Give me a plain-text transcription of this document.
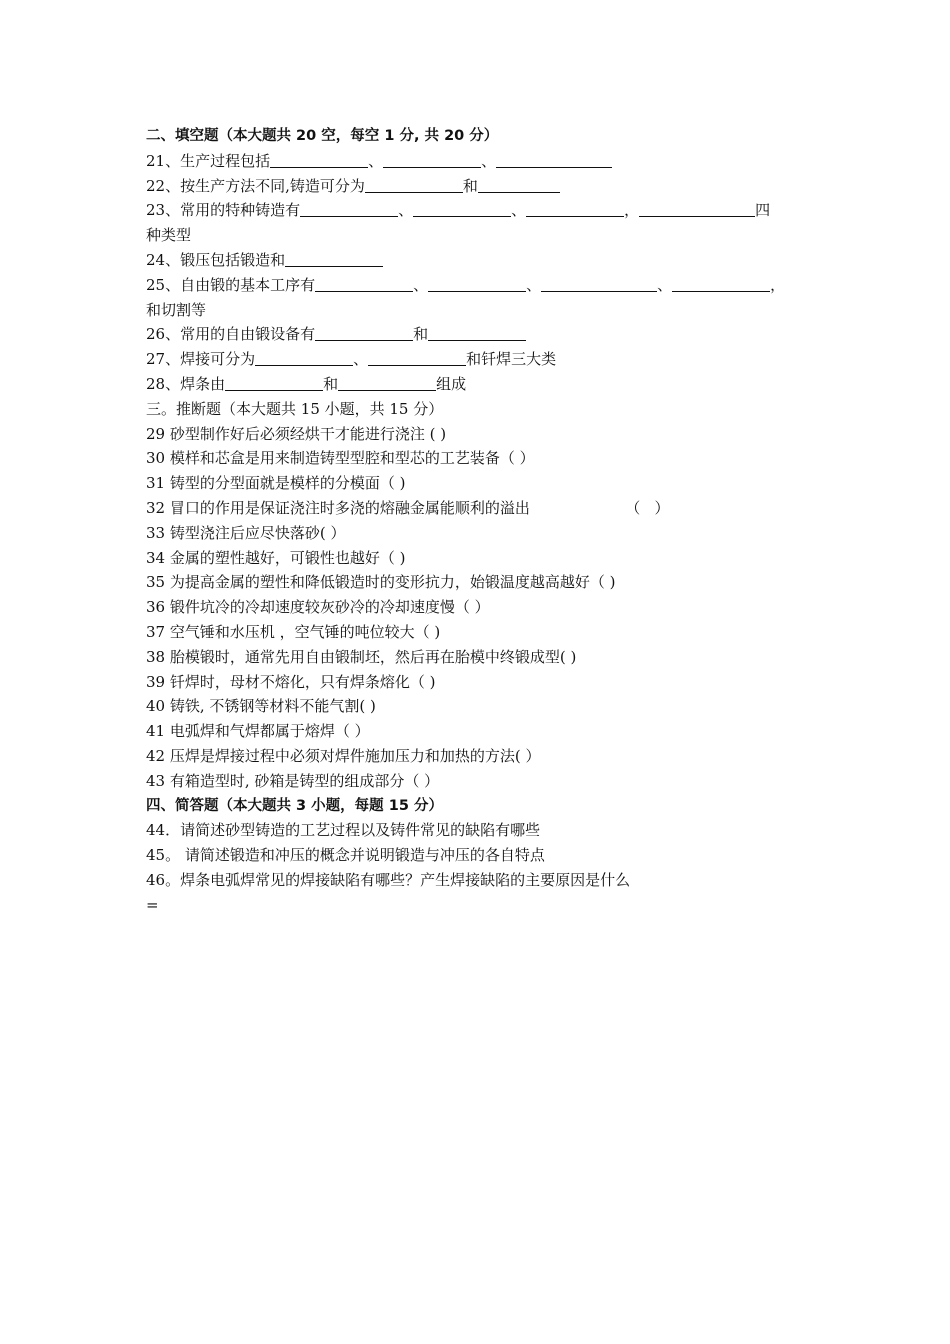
二、填空题（本大题共 20 空，每空 1 分, 共 20 分）
21、生产过程包括	、	、
22、按生产方法不同,铸造可分为	和
23、常用的特种铸造有	、	、	，	四
种类型
24、锻压包括锻造和
25、自由锻的基本工序有	、	、	、	，
和切割等
26、常用的自由锻设备有	和
27、焊接可分为	、	和钎焊三大类
28、焊条由	和	组成
三。推断题（本大题共 15 小题，共 15 分）
29 砂型制作好后必须经烘干才能进行浇注 ( )
30 模样和芯盒是用来制造铸型型腔和型芯的工艺装备（ ）
31 铸型的分型面就是模样的分模面（ )
32 冒口的作用是保证浇注时多浇的熔融金属能顺利的溢出                    （   ）
33 铸型浇注后应尽快落砂( ）
34 金属的塑性越好，可锻性也越好（ )
35 为提高金属的塑性和降低锻造时的变形抗力，始锻温度越高越好（ )
36 锻件坑冷的冷却速度较灰砂冷的冷却速度慢（ ）
37 空气锤和水压机 ，空气锤的吨位较大（ )
38 胎模锻时，通常先用自由锻制坯，然后再在胎模中终锻成型( )
39 钎焊时，母材不熔化，只有焊条熔化（ )
40 铸铁, 不锈钢等材料不能气割( )
41 电弧焊和气焊都属于熔焊（ ）
42 压焊是焊接过程中必须对焊件施加压力和加热的方法( ）
43 有箱造型时, 砂箱是铸型的组成部分（ ）
四、简答题（本大题共 3 小题，每题 15 分）
44．请简述砂型铸造的工艺过程以及铸件常见的缺陷有哪些
45。 请简述锻造和冲压的概念并说明锻造与冲压的各自特点
46。焊条电弧焊常见的焊接缺陷有哪些？产生焊接缺陷的主要原因是什么
=
